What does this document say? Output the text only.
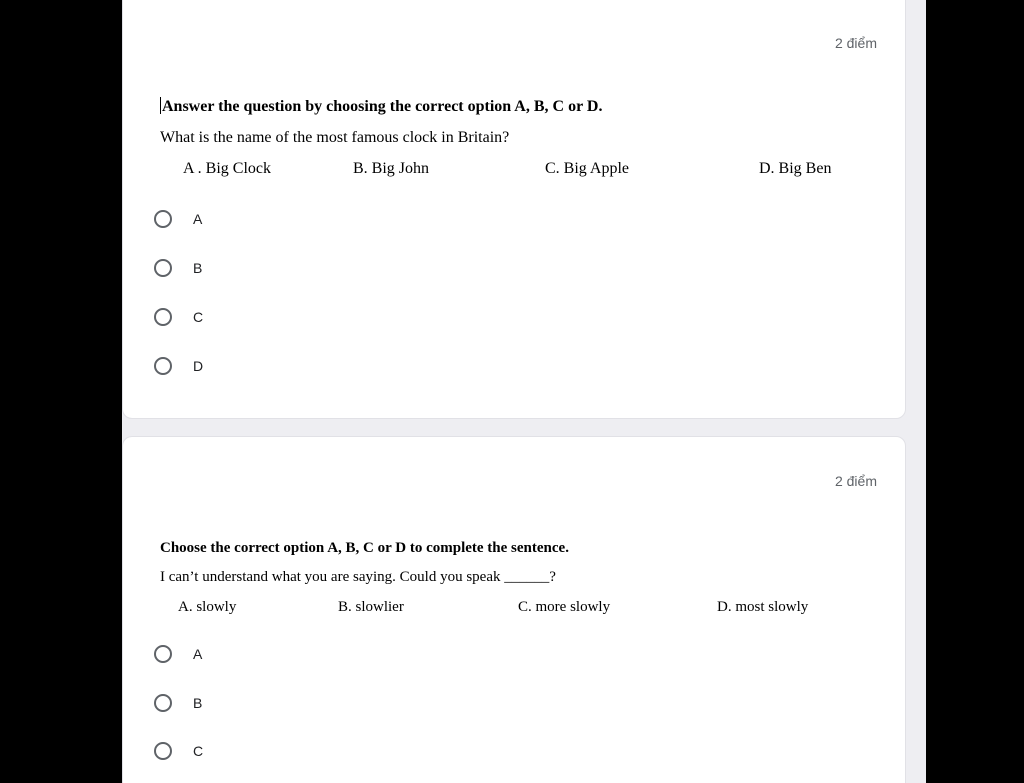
2 điểm
Answer the question by choosing the correct option A, B, C or D.
What is the name of the most famous clock in Britain?
A . Big Clock	B. Big John	C. Big Apple	D. Big Ben
A
B
C
D
2 điểm
Choose the correct option A, B, C or D to complete the sentence.
I can’t understand what you are saying. Could you speak ______?
A. slowly	B. slowlier	C. more slowly	D. most slowly
A
B
C
